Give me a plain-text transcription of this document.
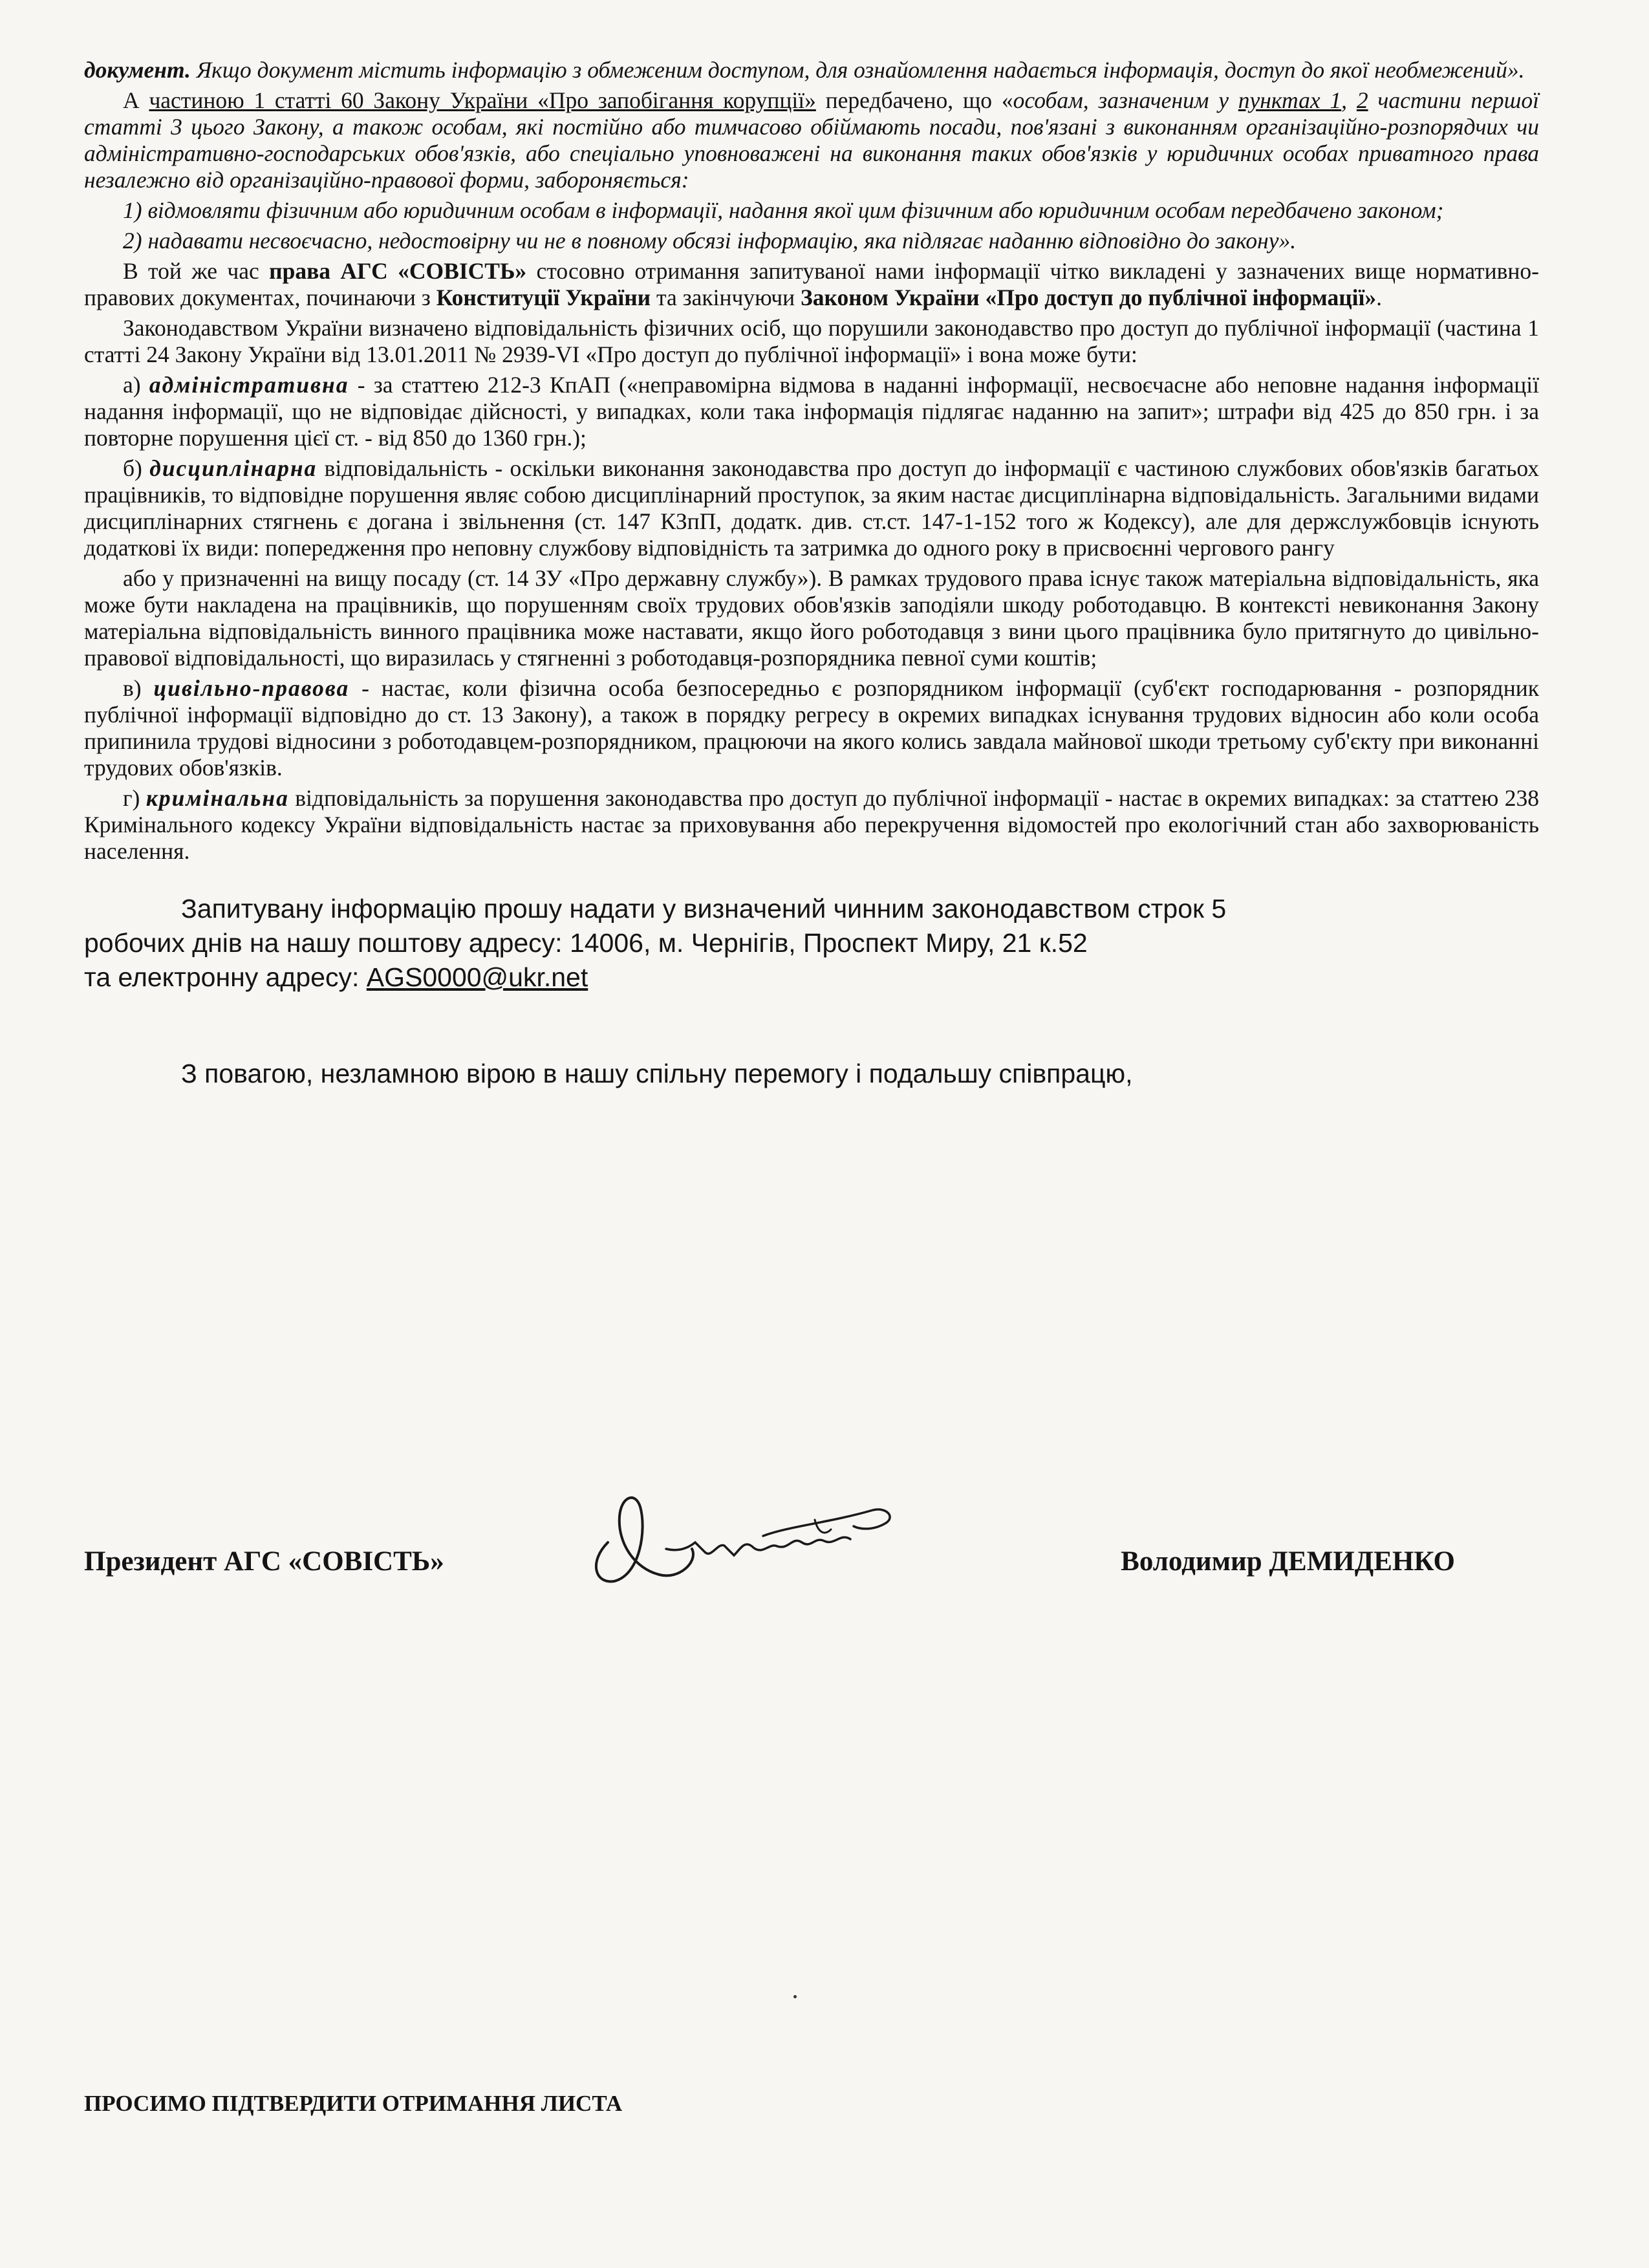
документ. Якщо документ містить інформацію з обмеженим доступом, для ознайомлення надається інформація, доступ до якої необмежений».

А частиною 1 статті 60 Закону України «Про запобігання корупції» передбачено, що «особам, зазначеним у пунктах 1, 2 частини першої статті 3 цього Закону, а також особам, які постійно або тимчасово обіймають посади, пов'язані з виконанням організаційно-розпорядчих чи адміністративно-господарських обов'язків, або спеціально уповноважені на виконання таких обов'язків у юридичних особах приватного права незалежно від організаційно-правової форми, забороняється:

1) відмовляти фізичним або юридичним особам в інформації, надання якої цим фізичним або юридичним особам передбачено законом;

2) надавати несвоєчасно, недостовірну чи не в повному обсязі інформацію, яка підлягає наданню відповідно до закону».

В той же час права АГС «СОВІСТЬ» стосовно отримання запитуваної нами інформації чітко викладені у зазначених вище нормативно-правових документах, починаючи з Конституції України та закінчуючи Законом України «Про доступ до публічної інформації».

Законодавством України визначено відповідальність фізичних осіб, що порушили законодавство про доступ до публічної інформації (частина 1 статті 24 Закону України від 13.01.2011 № 2939-VI «Про доступ до публічної інформації» і вона може бути:

а) адміністративна - за статтею 212-3 КпАП («неправомірна відмова в наданні інформації, несвоєчасне або неповне надання інформації надання інформації, що не відповідає дійсності, у випадках, коли така інформація підлягає наданню на запит»; штрафи від 425 до 850 грн. і за повторне порушення цієї ст. - від 850 до 1360 грн.);

б) дисциплінарна відповідальність - оскільки виконання законодавства про доступ до інформації є частиною службових обов'язків багатьох працівників, то відповідне порушення являє собою дисциплінарний проступок, за яким настає дисциплінарна відповідальність. Загальними видами дисциплінарних стягнень є догана і звільнення (ст. 147 КЗпП, додатк. див. ст.ст. 147-1-152 того ж Кодексу), але для держслужбовців існують додаткові їх види: попередження про неповну службову відповідність та затримка до одного року в присвоєнні чергового рангу

або у призначенні на вищу посаду (ст. 14 ЗУ «Про державну службу»). В рамках трудового права існує також матеріальна відповідальність, яка може бути накладена на працівників, що порушенням своїх трудових обов'язків заподіяли шкоду роботодавцю. В контексті невиконання Закону матеріальна відповідальність винного працівника може наставати, якщо його роботодавця з вини цього працівника було притягнуто до цивільно-правової відповідальності, що виразилась у стягненні з роботодавця-розпорядника певної суми коштів;

в) цивільно-правова - настає, коли фізична особа безпосередньо є розпорядником інформації (суб'єкт господарювання - розпорядник публічної інформації відповідно до ст. 13 Закону), а також в порядку регресу в окремих випадках існування трудових відносин або коли особа припинила трудові відносини з роботодавцем-розпорядником, працюючи на якого колись завдала майнової шкоди третьому суб'єкту при виконанні трудових обов'язків.

г) кримінальна відповідальність за порушення законодавства про доступ до публічної інформації - настає в окремих випадках: за статтею 238 Кримінального кодексу України відповідальність настає за приховування або перекручення відомостей про екологічний стан або захворюваність населення.

Запитувану інформацію прошу надати у визначений чинним законодавством строк 5

робочих днів на нашу поштову адресу: 14006, м. Чернігів, Проспект Миру, 21 к.52

та електронну адресу: AGS0000@ukr.net

З повагою, незламною вірою в нашу спільну перемогу і подальшу співпрацю,

Президент АГС «СОВІСТЬ»	Володимир ДЕМИДЕНКО
ПРОСИМО ПІДТВЕРДИТИ ОТРИМАННЯ ЛИСТА
